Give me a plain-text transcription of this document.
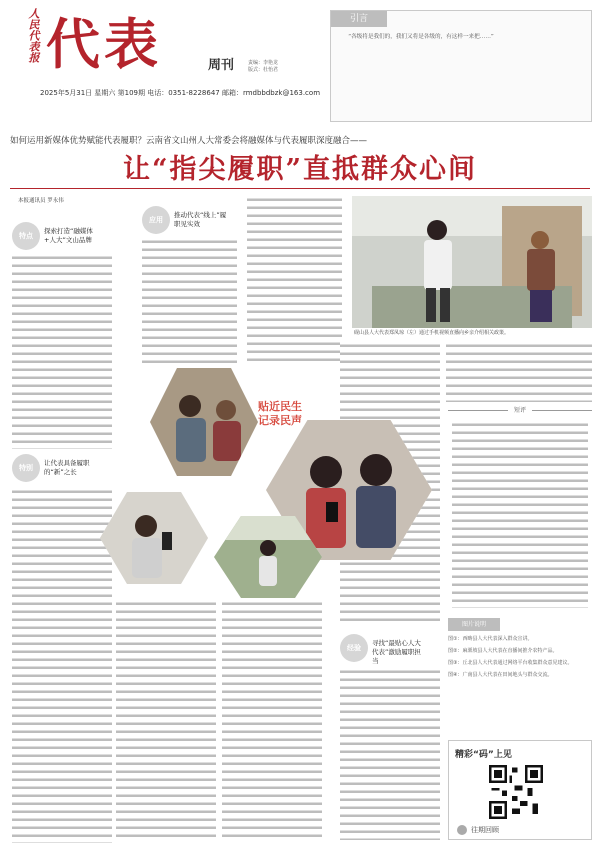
人民代表报 代表	周刊	责编：李艳龙
版式：杜怡君
2025年5月31日 星期六 第109期 电话：0351-8228647 邮箱：rmdbbdbzk@163.com
引言
“各级将是我们的，我们又将是各级的，有这样一来把……”
如何运用新媒体优势赋能代表履职？云南省文山州人大常委会将融媒体与代表履职深度融合——
让“指尖履职”直抵群众心间
本报通讯员 罗永伟
特点
探索打造“融媒体+人大”文山品牌
特别
让代表具备履职的“新”之长
应用
推动代表“线上”履职见实效
砚山县人大代表郑凤琼（左）通过手机视频直播向乡亲介绍相关政策。
经验
寻找“最贴心人大代表”激励履职担当
贴近民生
记录民声
短评
图片说明
图①：西畴县人大代表深入群众宣讲。
图②：麻栗坡县人大代表在直播间推介农特产品。
图③：丘北县人大代表通过网络平台收集群众意见建议。
图④：广南县人大代表在田间地头与群众交流。
精彩“码”上见
往期回顾
